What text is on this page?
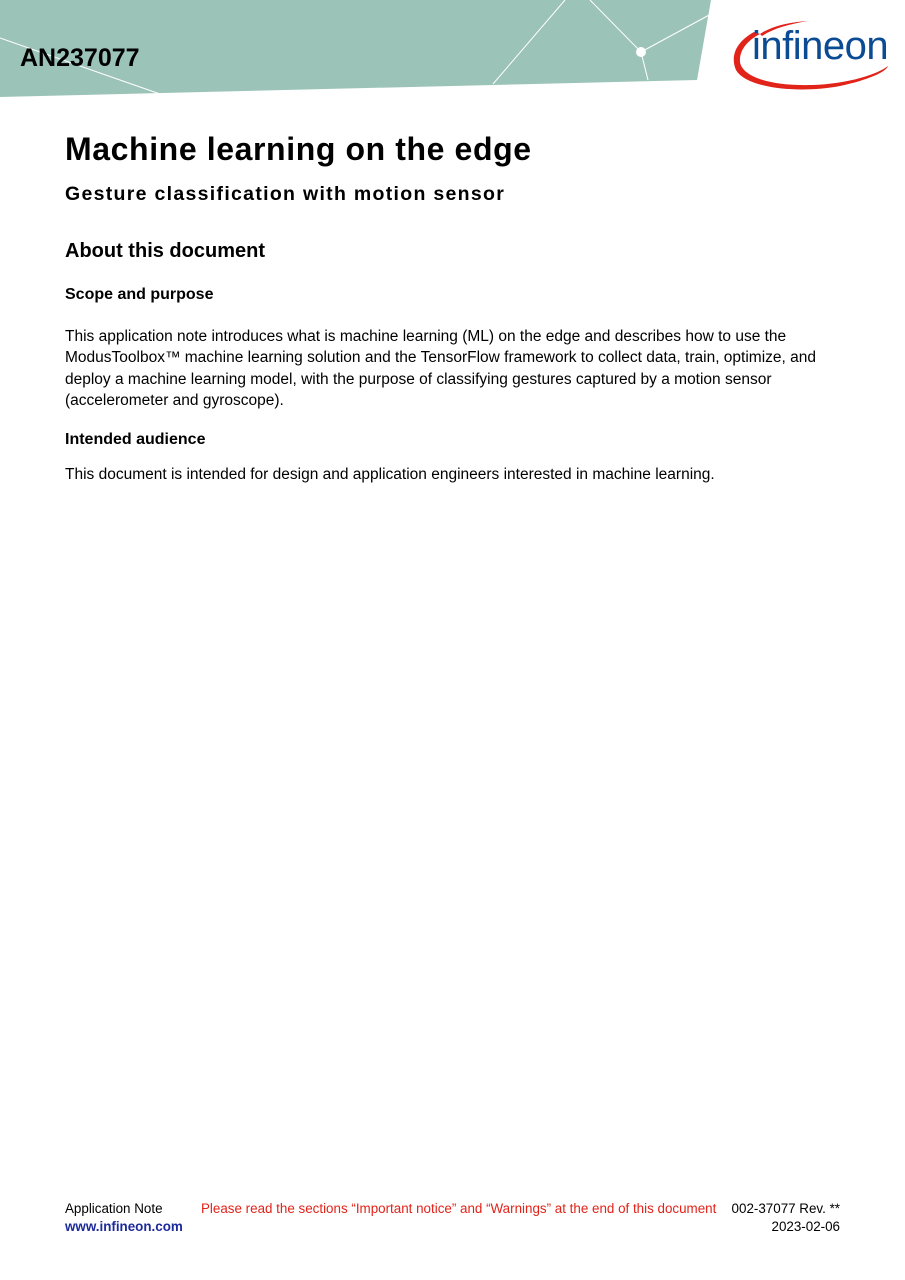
AN237077	infineon
Machine learning on the edge
Gesture classification with motion sensor
About this document
Scope and purpose

This application note introduces what is machine learning (ML) on the edge and describes how to use the ModusToolbox™ machine learning solution and the TensorFlow framework to collect data, train, optimize, and deploy a machine learning model, with the purpose of classifying gestures captured by a motion sensor (accelerometer and gyroscope).

Intended audience

This document is intended for design and application engineers interested in machine learning.

Application Note
www.infineon.com
Please read the sections “Important notice” and “Warnings” at the end of this document 002-37077 Rev. **
2023-02-06
